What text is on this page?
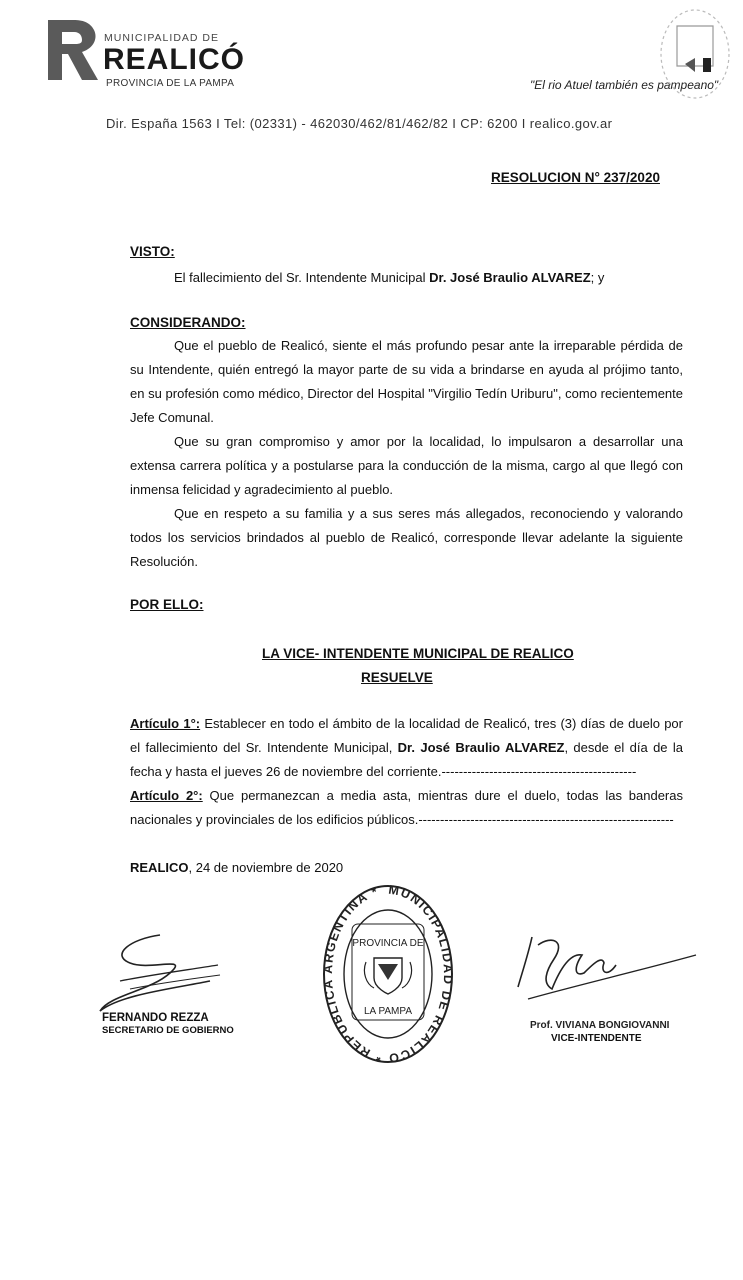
MUNICIPALIDAD DE
REALICÓ
PROVINCIA DE LA PAMPA	"El rio Atuel también es pampeano"
Dir. España 1563 I Tel: (02331) - 462030/462/81/462/82 I CP: 6200 I realico.gov.ar
RESOLUCION N° 237/2020
VISTO:

El fallecimiento del Sr. Intendente Municipal Dr. José Braulio ALVAREZ; y

CONSIDERANDO:

Que el pueblo de Realicó, siente el más profundo pesar ante la irreparable pérdida de su Intendente, quién entregó la mayor parte de su vida a brindarse en ayuda al prójimo tanto, en su profesión como médico, Director del Hospital "Virgilio Tedín Uriburu", como recientemente Jefe Comunal.

Que su gran compromiso y amor por la localidad, lo impulsaron a desarrollar una extensa carrera política y a postularse para la conducción de la misma, cargo al que llegó con inmensa felicidad y agradecimiento al pueblo.

Que en respeto a su familia y a sus seres más allegados, reconociendo y valorando todos los servicios brindados al pueblo de Realicó, corresponde llevar adelante la siguiente Resolución.

POR ELLO:
LA VICE- INTENDENTE MUNICIPAL DE REALICO
RESUELVE

Artículo 1°: Establecer en todo el ámbito de la localidad de Realicó, tres (3) días de duelo por el fallecimiento del Sr. Intendente Municipal, Dr. José Braulio ALVAREZ, desde el día de la fecha y hasta el jueves 26 de noviembre del corriente.---------------------------------------------

Artículo 2°: Que permanezcan a media asta, mientras dure el duelo, todas las banderas nacionales y provinciales de los edificios públicos.-----------------------------------------------------------

REALICO, 24 de noviembre de 2020
FERNANDO REZZA
SECRETARIO DE GOBIERNO
MUNICIPALIDAD DE REALICO * REPUBLICA ARGENTINA *
PROVINCIA DE
LA PAMPA
Prof. VIVIANA BONGIOVANNI
VICE-INTENDENTE
